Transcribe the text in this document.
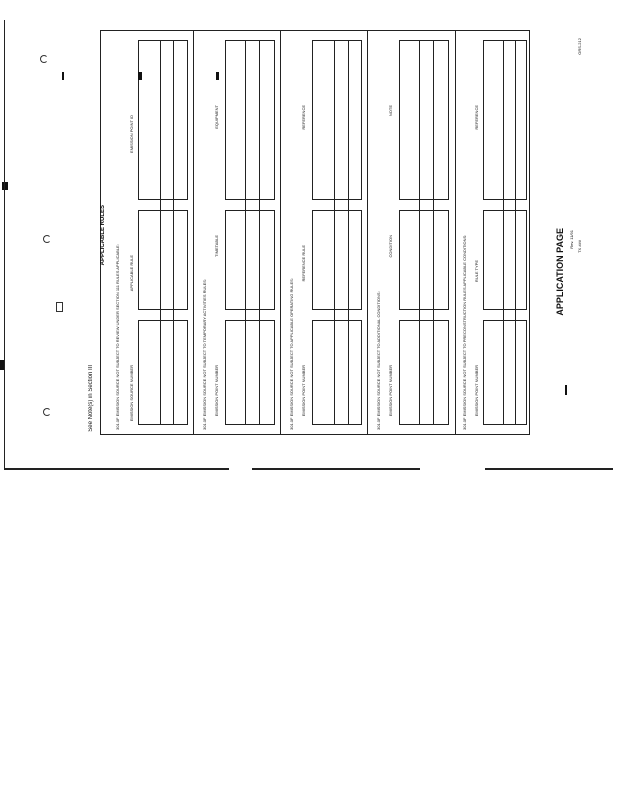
See Note(s) in Section III
APPLICABLE RULES
ORS-212
301.0F EMISSION SOURCE NOT SUBJECT TO REVIEW UNDER SECTION 111 RULES APPLICABLE: EMISSION SOURCE NUMBER
APPLICABLE RULE
EMISSION POINT ID
301.0F EMISSION SOURCE NOT SUBJECT TO TEMPORARY ACTIVITIES RULES: EMISSION POINT NUMBER
TIMETABLE
EQUIPMENT
301.0F EMISSION SOURCE NOT SUBJECT TO APPLICABLE OPERATING RULES: EMISSION POINT NUMBER
REFERENCE RULE
REFERENCE
301.0F EMISSION SOURCE NOT SUBJECT TO ADDITIONAL CONDITIONS: EMISSION POINT NUMBER
CONDITION
NOTE
301.0F EMISSION SOURCE NOT SUBJECT TO PRECONSTRUCTION RULES APPLICABLE CONDITIONS: EMISSION POINT NUMBER
RULE TYPE
REFERENCE
APPLICATION PAGE Rev. 11/91 TX ###
